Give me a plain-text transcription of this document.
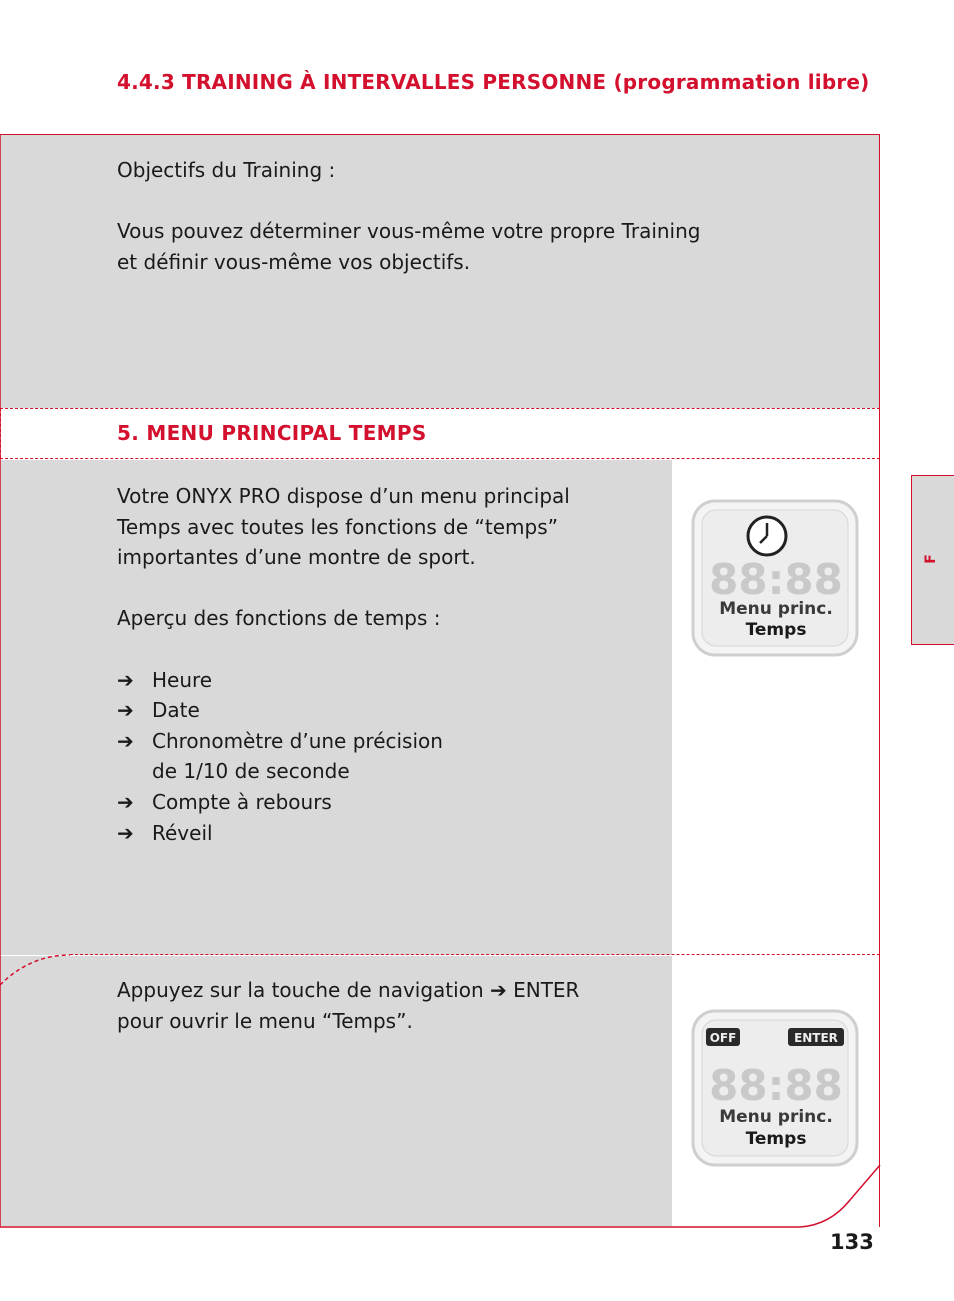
4.4.3 TRAINING À INTERVALLES PERSONNE (programmation libre)

Objectifs du Training :

Vous pouvez déterminer vous-même votre propre Training

et définir vous-même vos objectifs.

5. MENU PRINCIPAL TEMPS

Votre ONYX PRO dispose d’un menu principal

Temps avec toutes les fonctions de “temps”

importantes d’une montre de sport.

Aperçu des fonctions de temps :

➔ Heure
➔ Date
➔ Chronomètre d’une précision
de 1/10 de seconde
➔ Compte à rebours
➔ Réveil

Appuyez sur la touche de navigation ➔ ENTER

pour ouvrir le menu “Temps”.

88:88
Menu princ.
Temps
OFF	ENTER
88:88
Menu princ.
Temps
F
133
